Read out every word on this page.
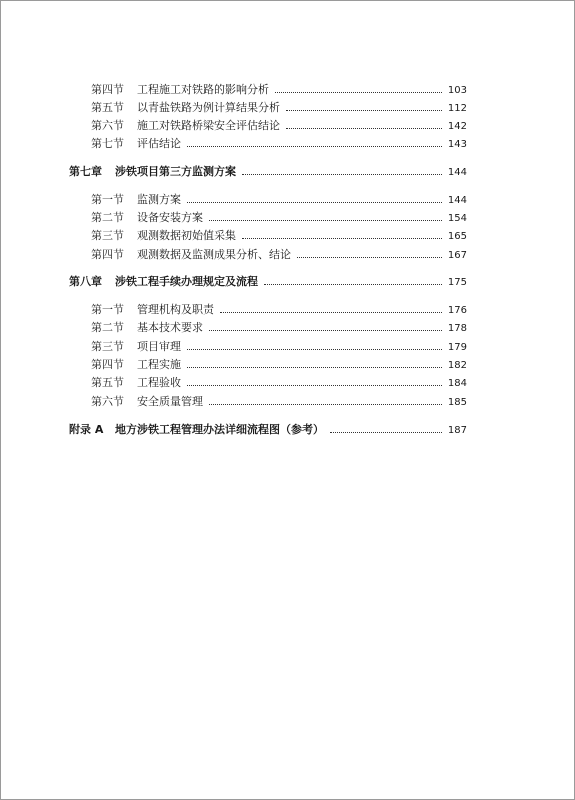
第四节	工程施工对铁路的影响分析	103
第五节	以青盐铁路为例计算结果分析	112
第六节	施工对铁路桥梁安全评估结论	142
第七节	评估结论	143
第七章	涉铁项目第三方监测方案	144
第一节	监测方案	144
第二节	设备安装方案	154
第三节	观测数据初始值采集	165
第四节	观测数据及监测成果分析、结论	167
第八章	涉铁工程手续办理规定及流程	175
第一节	管理机构及职责	176
第二节	基本技术要求	178
第三节	项目审理	179
第四节	工程实施	182
第五节	工程验收	184
第六节	安全质量管理	185
附录 A	地方涉铁工程管理办法详细流程图（参考）	187
